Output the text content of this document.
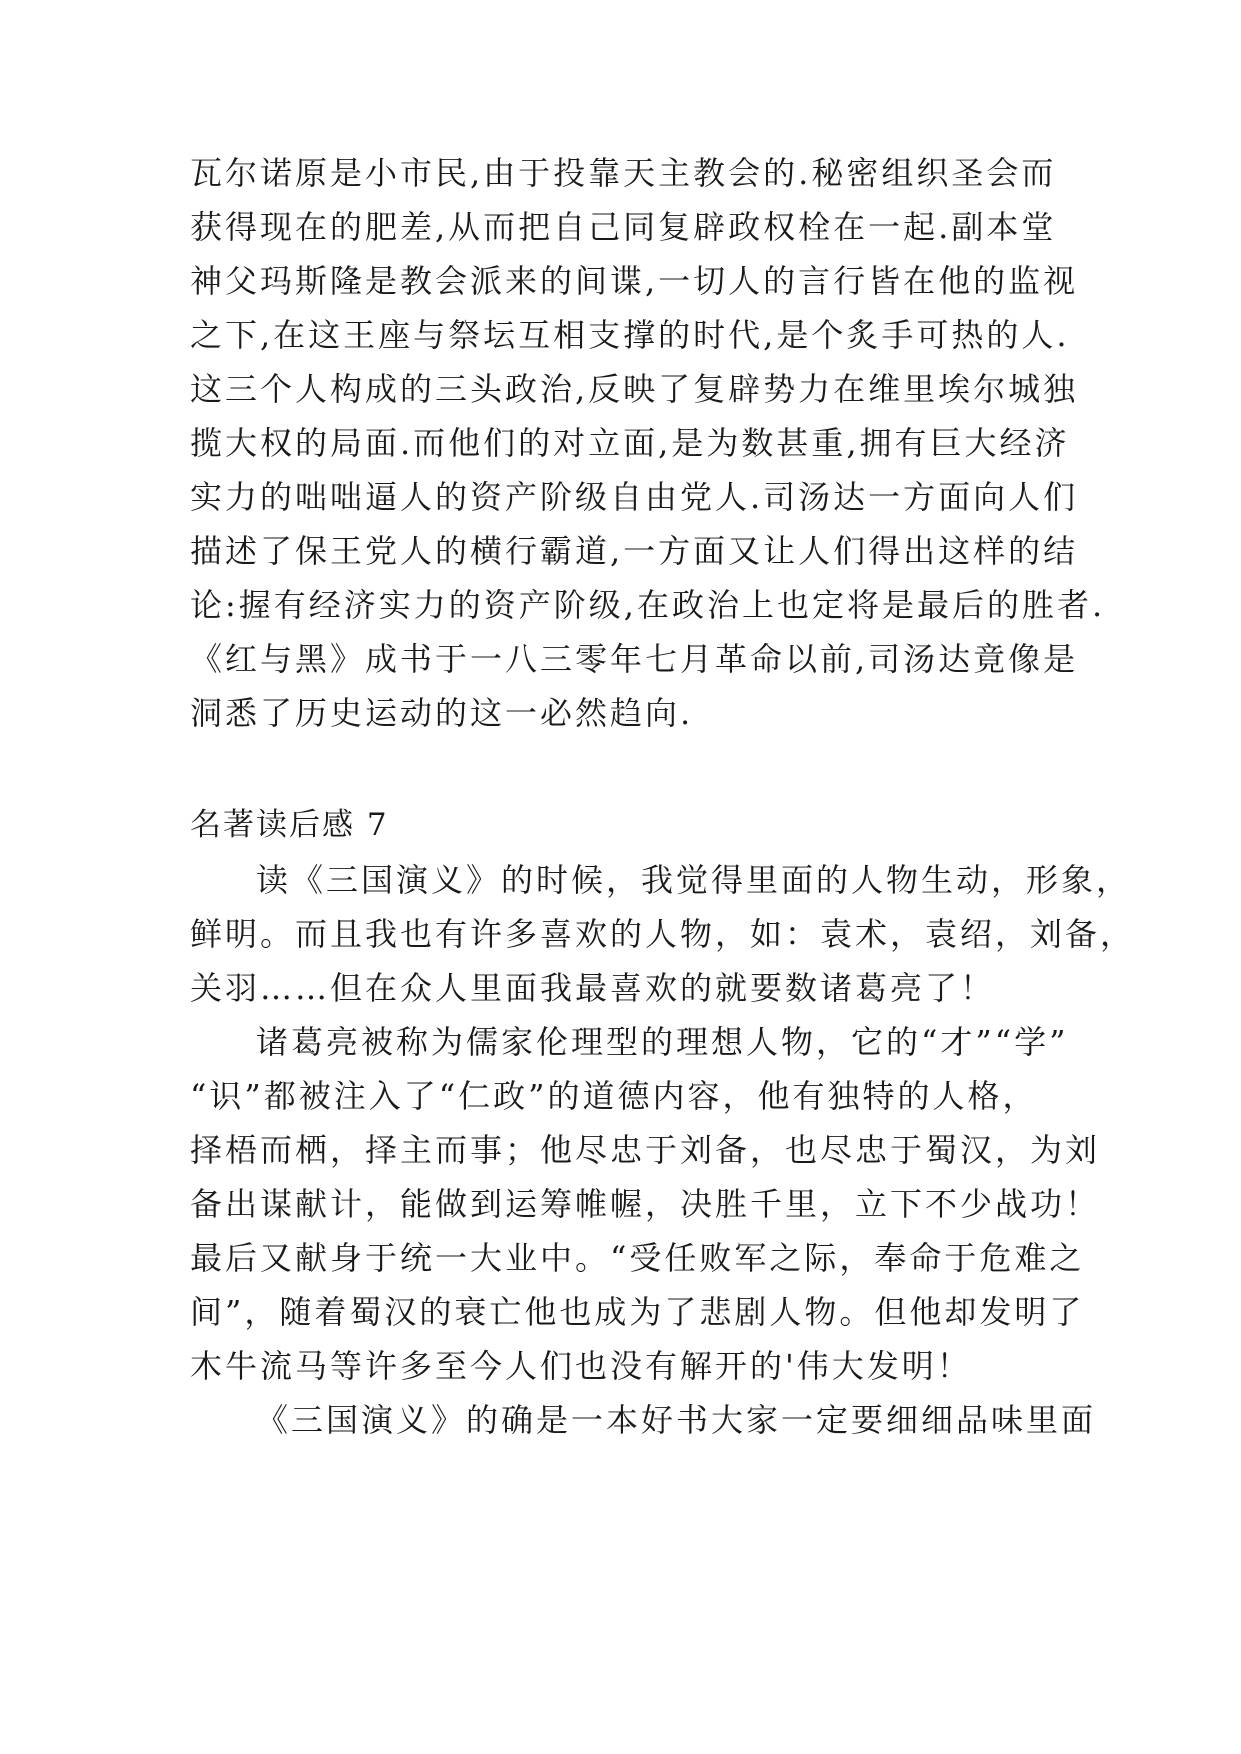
瓦尔诺原是小市民,由于投靠天主教会的.秘密组织圣会而
获得现在的肥差,从而把自己同复辟政权栓在一起.副本堂
神父玛斯隆是教会派来的间谍,一切人的言行皆在他的监视
之下,在这王座与祭坛互相支撑的时代,是个炙手可热的人.
这三个人构成的三头政治,反映了复辟势力在维里埃尔城独
揽大权的局面.而他们的对立面,是为数甚重,拥有巨大经济
实力的咄咄逼人的资产阶级自由党人.司汤达一方面向人们
描述了保王党人的横行霸道,一方面又让人们得出这样的结
论:握有经济实力的资产阶级,在政治上也定将是最后的胜者.
《红与黑》成书于一八三零年七月革命以前,司汤达竟像是
洞悉了历史运动的这一必然趋向.
名著读后感 7
读《三国演义》的时候，我觉得里面的人物生动，形象，
鲜明。而且我也有许多喜欢的人物，如：袁术，袁绍，刘备，
关羽……但在众人里面我最喜欢的就要数诸葛亮了！
诸葛亮被称为儒家伦理型的理想人物，它的“才”“学”
“识”都被注入了“仁政”的道德内容，他有独特的人格，
择梧而栖，择主而事；他尽忠于刘备，也尽忠于蜀汉，为刘
备出谋献计，能做到运筹帷幄，决胜千里，立下不少战功！
最后又献身于统一大业中。“受任败军之际，奉命于危难之
间”，随着蜀汉的衰亡他也成为了悲剧人物。但他却发明了
木牛流马等许多至今人们也没有解开的'伟大发明！
《三国演义》的确是一本好书大家一定要细细品味里面
